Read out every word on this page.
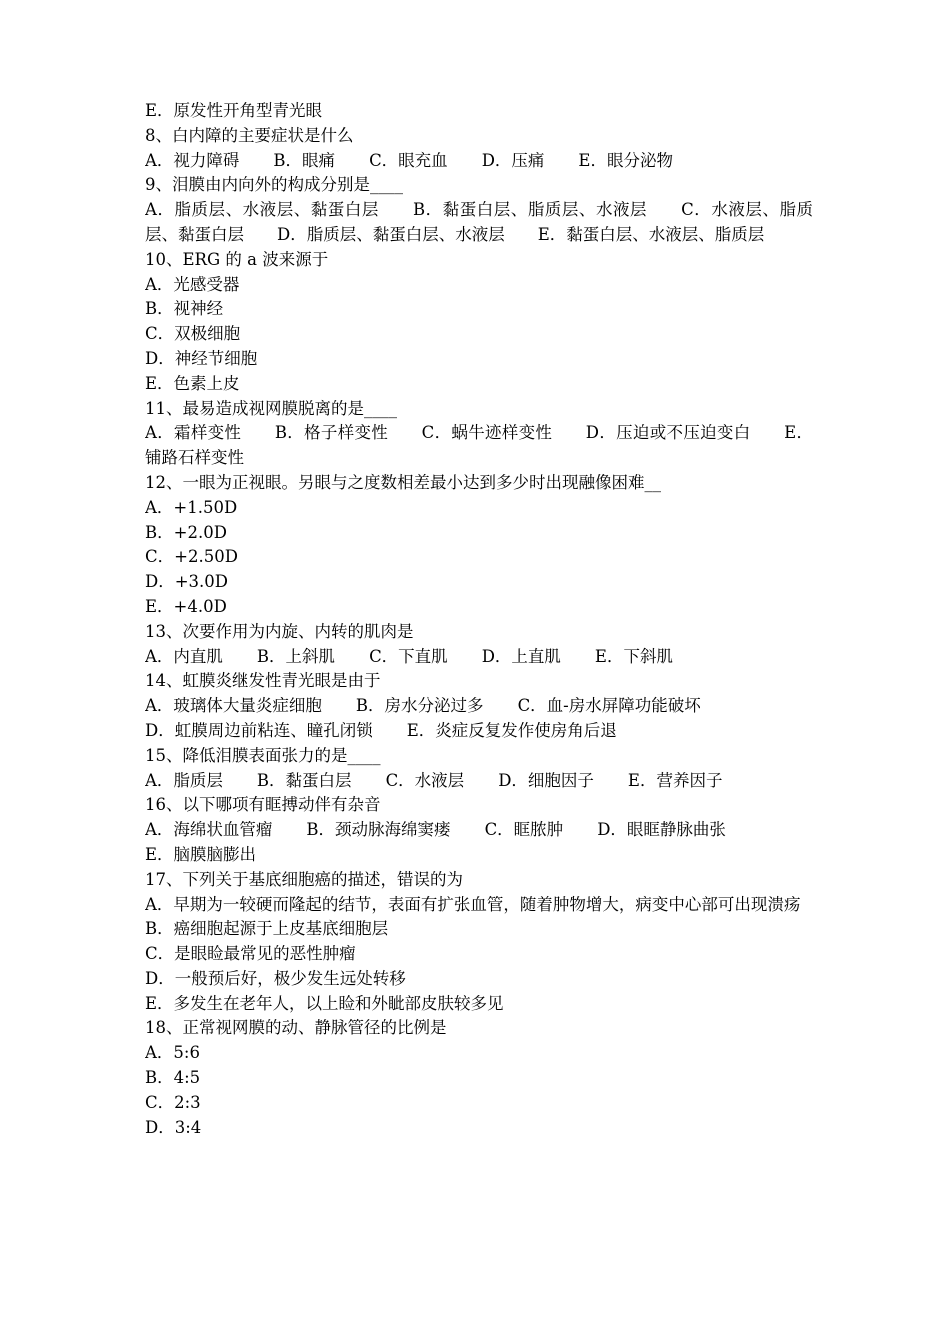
E．原发性开角型青光眼
8、白内障的主要症状是什么
A．视力障碍 B．眼痛 C．眼充血 D．压痛 E．眼分泌物
9、泪膜由内向外的构成分别是____
A．脂质层、水液层、黏蛋白层　　B．黏蛋白层、脂质层、水液层　　C．水液层、脂质层、黏蛋白层　　D．脂质层、黏蛋白层、水液层　　E．黏蛋白层、水液层、脂质层
10、ERG 的 a 波来源于
A．光感受器
B．视神经
C．双极细胞
D．神经节细胞
E．色素上皮
11、最易造成视网膜脱离的是____
A．霜样变性　　B．格子样变性　　C．蜗牛迹样变性　　D．压迫或不压迫变白　　E．铺路石样变性
12、一眼为正视眼。另眼与之度数相差最小达到多少时出现融像困难__
A．+1.50D
B．+2.0D
C．+2.50D
D．+3.0D
E．+4.0D
13、次要作用为内旋、内转的肌肉是
A．内直肌 B．上斜肌 C．下直肌 D．上直肌 E．下斜肌
14、虹膜炎继发性青光眼是由于
A．玻璃体大量炎症细胞 B．房水分泌过多 C．血-房水屏障功能破坏
D．虹膜周边前粘连、瞳孔闭锁 E．炎症反复发作使房角后退
15、降低泪膜表面张力的是____
A．脂质层 B．黏蛋白层 C．水液层 D．细胞因子 E．营养因子
16、以下哪项有眶搏动伴有杂音
A．海绵状血管瘤 B．颈动脉海绵窦瘘 C．眶脓肿 D．眼眶静脉曲张
E．脑膜脑膨出
17、下列关于基底细胞癌的描述，错误的为
A．早期为一较硬而隆起的结节，表面有扩张血管，随着肿物增大，病变中心部可出现溃疡
B．癌细胞起源于上皮基底细胞层
C．是眼睑最常见的恶性肿瘤
D．一般预后好，极少发生远处转移
E．多发生在老年人，以上睑和外眦部皮肤较多见
18、正常视网膜的动、静脉管径的比例是
A．5:6
B．4:5
C．2:3
D．3:4
